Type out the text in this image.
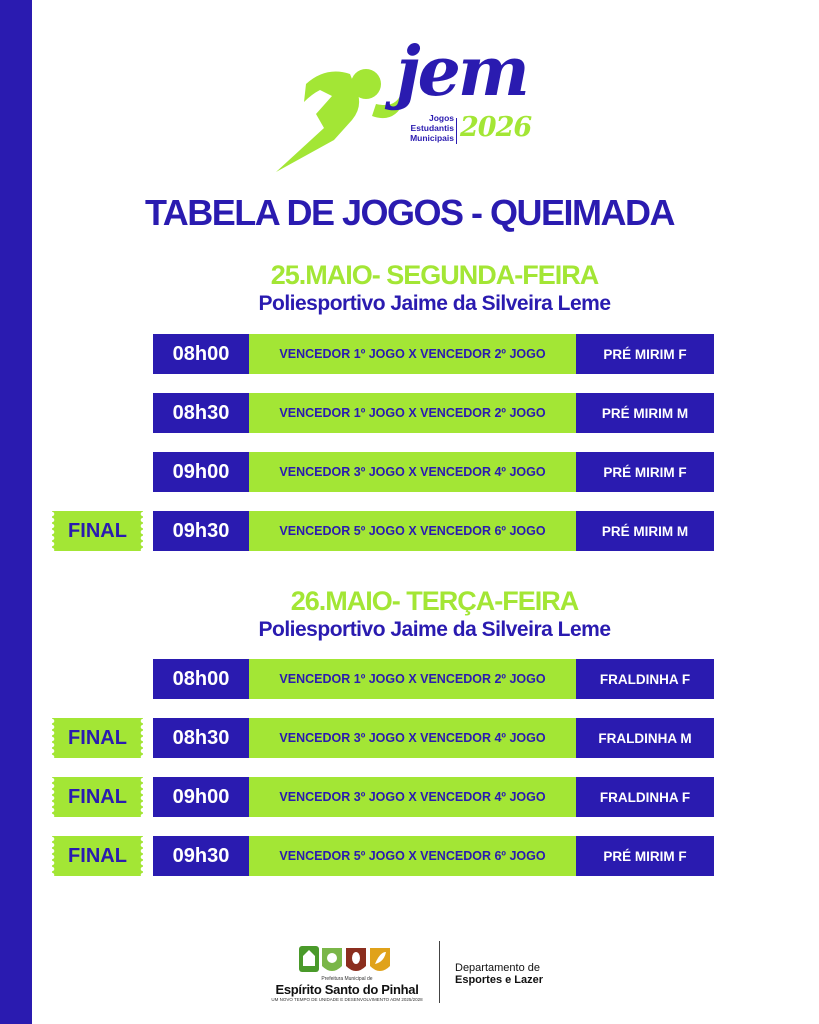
jem
Jogos
Estudantis
Municipais 2026
TABELA DE JOGOS - QUEIMADA
25.MAIO- SEGUNDA-FEIRA
Poliesportivo Jaime da Silveira Leme
08h00	VENCEDOR 1º JOGO X VENCEDOR 2º JOGO	PRÉ MIRIM F
08h30	VENCEDOR 1º JOGO X VENCEDOR 2º JOGO	PRÉ MIRIM M
09h00	VENCEDOR 3º JOGO X VENCEDOR 4º JOGO	PRÉ MIRIM F
FINAL	09h30	VENCEDOR 5º JOGO X VENCEDOR 6º JOGO	PRÉ MIRIM M
26.MAIO- TERÇA-FEIRA
Poliesportivo Jaime da Silveira Leme
08h00	VENCEDOR 1º JOGO X VENCEDOR 2º JOGO	FRALDINHA F
FINAL	08h30	VENCEDOR 3º JOGO X VENCEDOR 4º JOGO	FRALDINHA M
FINAL	09h00	VENCEDOR 3º JOGO X VENCEDOR 4º JOGO	FRALDINHA F
FINAL	09h30	VENCEDOR 5º JOGO X VENCEDOR 6º JOGO	PRÉ MIRIM F
Prefeitura Municipal de
Espírito Santo do Pinhal
UM NOVO TEMPO DE UNIDADE E DESENVOLVIMENTO ADM 2025/2028
Departamento de
Esportes e Lazer
